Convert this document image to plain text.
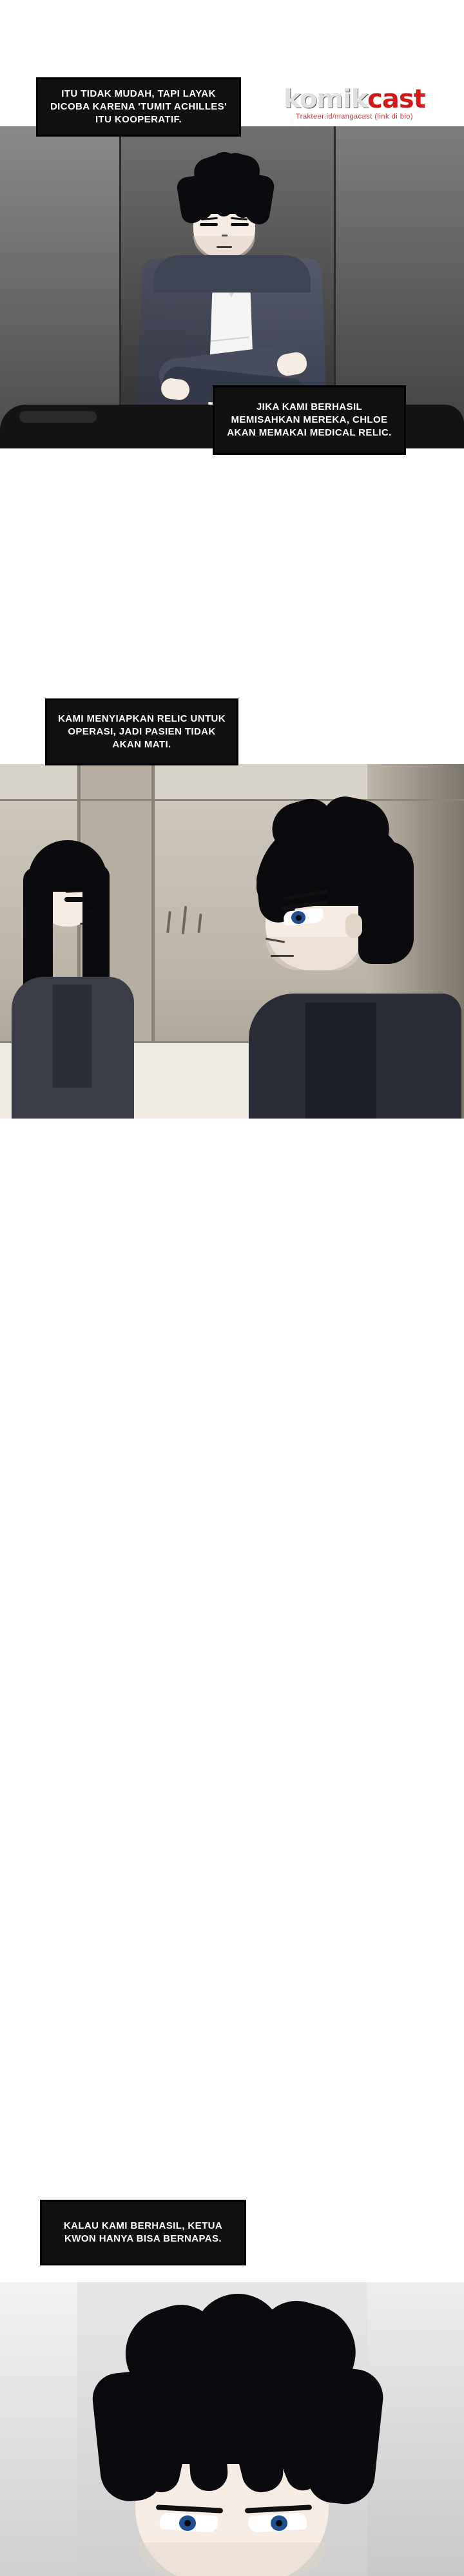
ITU TIDAK MUDAH, TAPI LAYAK DICOBA KARENA 'TUMIT ACHILLES' ITU KOOPERATIF.
komikcast
Trakteer.id/mangacast (link di bio)
JIKA KAMI BERHASIL MEMISAHKAN MEREKA, CHLOE AKAN MEMAKAI MEDICAL RELIC.
KAMI MENYIAPKAN RELIC UNTUK OPERASI, JADI PASIEN TIDAK AKAN MATI.
KALAU KAMI BERHASIL, KETUA KWON HANYA BISA BERNAPAS.
